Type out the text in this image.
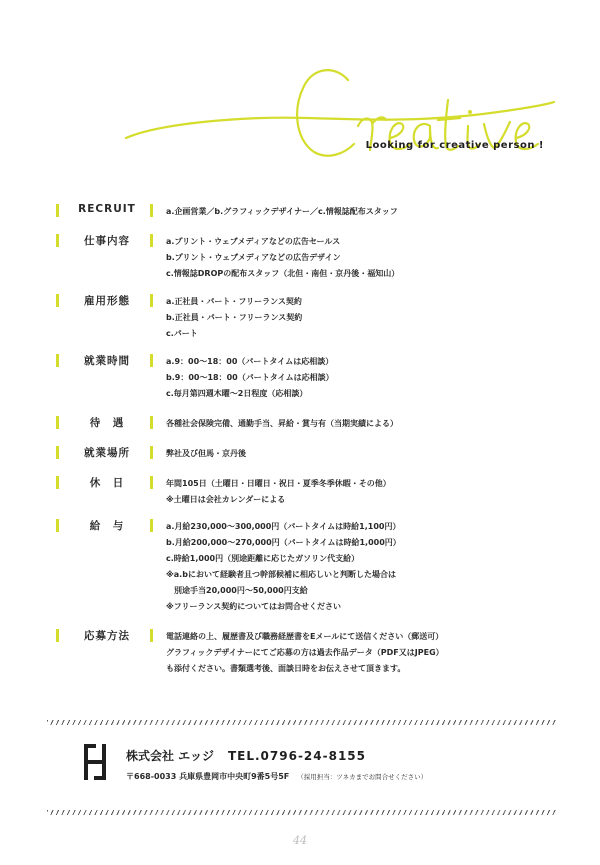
Looking for creative person !
RECRUIT	a.企画営業／b.グラフィックデザイナー／c.情報誌配布スタッフ
仕事内容	a.プリント・ウェブメディアなどの広告セールス
b.プリント・ウェブメディアなどの広告デザイン
c.情報誌DROPの配布スタッフ（北但・南但・京丹後・福知山）
雇用形態	a.正社員・パート・フリーランス契約
b.正社員・パート・フリーランス契約
c.パート
就業時間	a.9：00～18：00（パートタイムは応相談）
b.9：00～18：00（パートタイムは応相談）
c.毎月第四週木曜～2日程度（応相談）
待　遇	各種社会保険完備、通勤手当、昇給・賞与有（当期実績による）
就業場所	弊社及び但馬・京丹後
休　日	年間105日（土曜日・日曜日・祝日・夏季冬季休暇・その他）
※土曜日は会社カレンダーによる
給　与	a.月給230,000～300,000円（パートタイムは時給1,100円）
b.月給200,000～270,000円（パートタイムは時給1,000円）
c.時給1,000円（別途距離に応じたガソリン代支給）
※a.bにおいて経験者且つ幹部候補に相応しいと判断した場合は
　別途手当20,000円～50,000円支給
※フリーランス契約についてはお問合せください
応募方法	電話連絡の上、履歴書及び職務経歴書をEメールにて送信ください（郵送可）
グラフィックデザイナーにてご応募の方は過去作品データ（PDF又はJPEG）
も添付ください。書類選考後、面談日時をお伝えさせて頂きます。
株式会社 エッジ TEL.0796-24-8155
〒668-0033 兵庫県豊岡市中央町9番5号5F （採用担当：ツネカまでお問合せください）
44
